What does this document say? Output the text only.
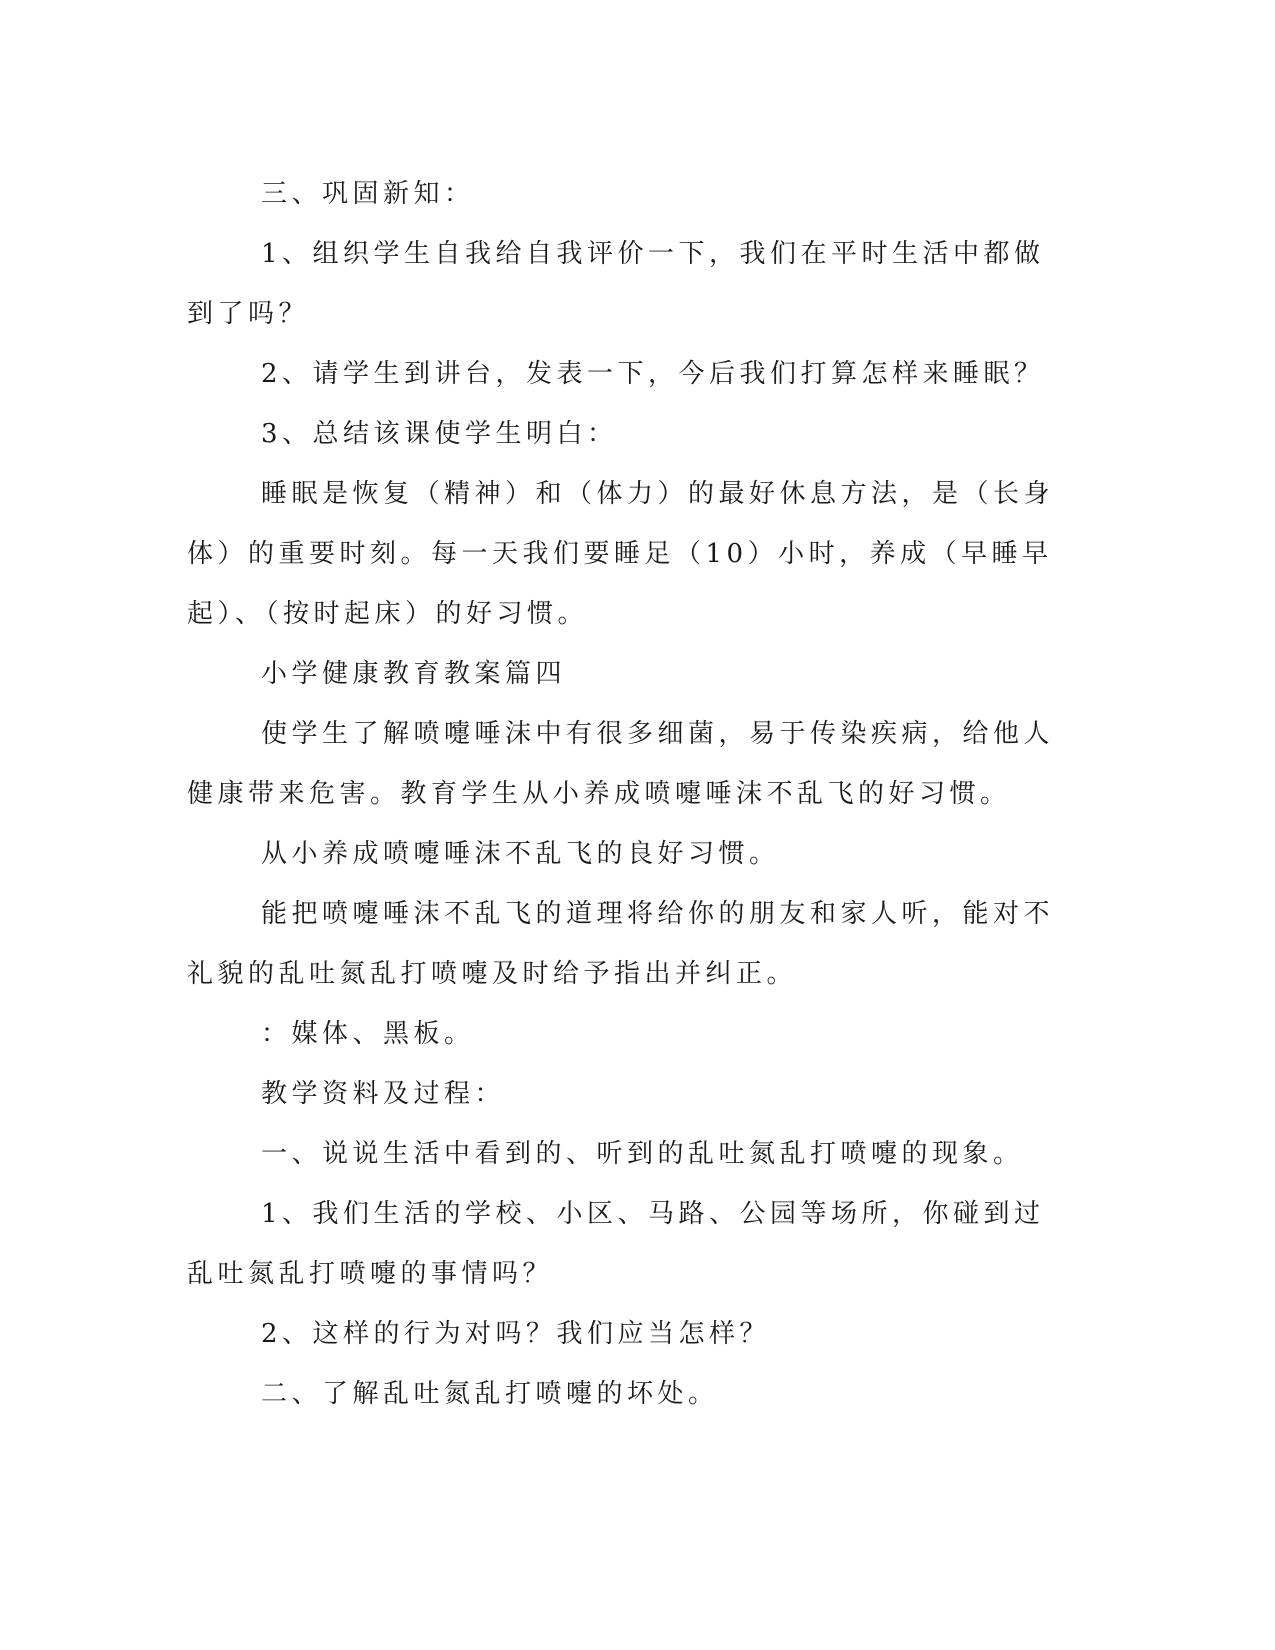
三、巩固新知：

1、组织学生自我给自我评价一下，我们在平时生活中都做到了吗？

2、请学生到讲台，发表一下，今后我们打算怎样来睡眠？

3、总结该课使学生明白：

睡眠是恢复（精神）和（体力）的最好休息方法，是（长身体）的重要时刻。每一天我们要睡足（10）小时，养成（早睡早起）、（按时起床）的好习惯。

小学健康教育教案篇四

使学生了解喷嚏唾沫中有很多细菌，易于传染疾病，给他人健康带来危害。教育学生从小养成喷嚏唾沫不乱飞的好习惯。

从小养成喷嚏唾沫不乱飞的良好习惯。

能把喷嚏唾沫不乱飞的道理将给你的朋友和家人听，能对不礼貌的乱吐氮乱打喷嚏及时给予指出并纠正。

：媒体、黑板。

教学资料及过程：

一、说说生活中看到的、听到的乱吐氮乱打喷嚏的现象。

1、我们生活的学校、小区、马路、公园等场所，你碰到过乱吐氮乱打喷嚏的事情吗？

2、这样的行为对吗？我们应当怎样？

二、了解乱吐氮乱打喷嚏的坏处。
